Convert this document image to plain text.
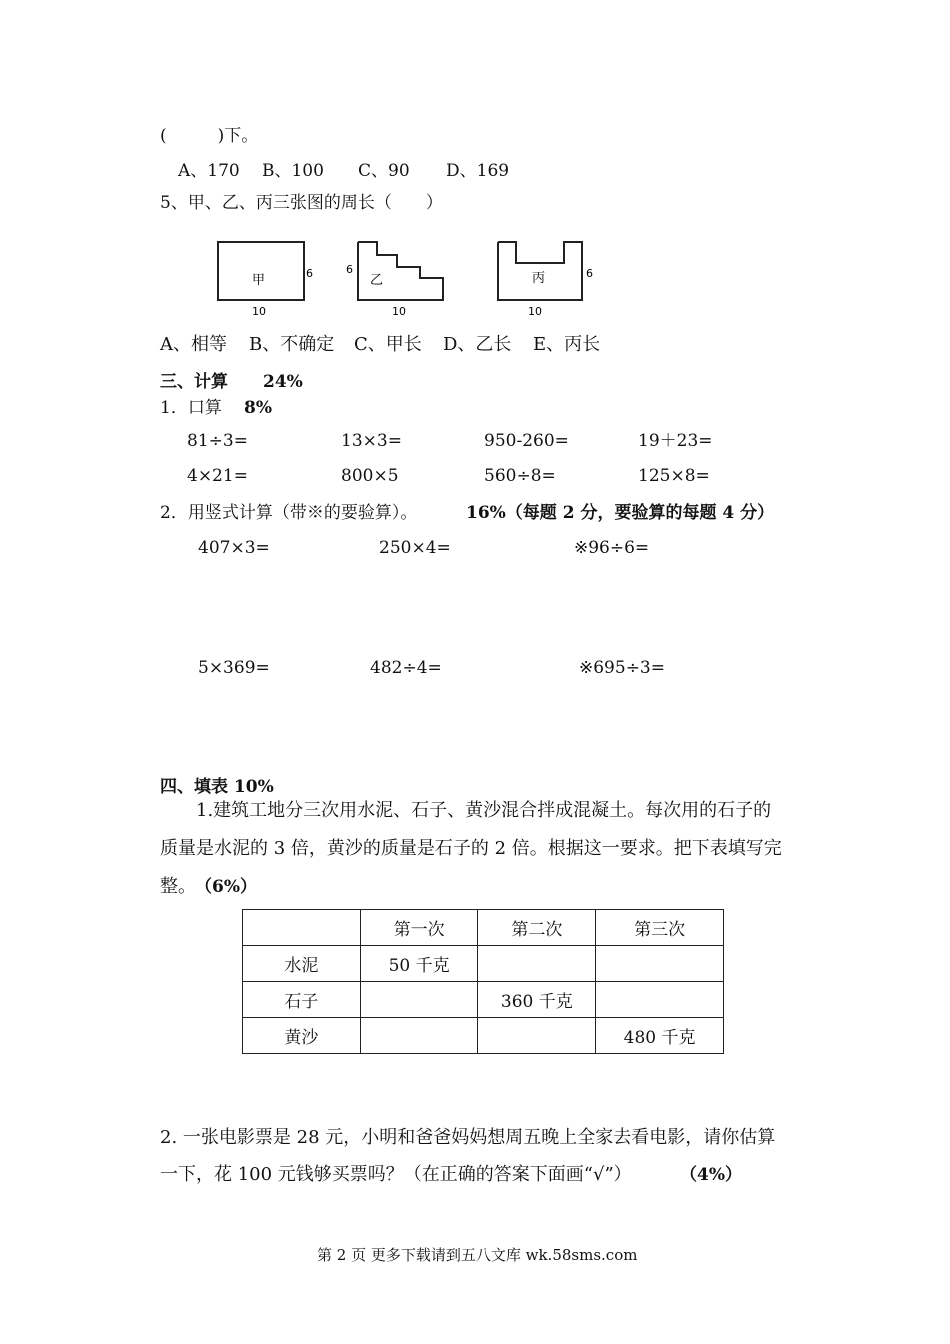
(　　　)下。
A、170 B、100 C、90 D、169
5、甲、乙、丙三张图的周长（　　）
甲	6
10
乙
6
10
丙	6
10
A、相等 B、不确定 C、甲长 D、乙长 E、丙长
三、计算 24%
1．口算 8%
81÷3=	13×3=	950-260=	19＋23=
4×21=	800×5	560÷8=	125×8=
2．用竖式计算（带※的要验算）。	16%（每题 2 分，要验算的每题 4 分）
407×3=	250×4=	※96÷6=
5×369=	482÷4=	※695÷3=
四、填表 10%
1.建筑工地分三次用水泥、石子、黄沙混合拌成混凝土。每次用的石子的
质量是水泥的 3 倍，黄沙的质量是石子的 2 倍。根据这一要求。把下表填写完
整。 （6%）
	第一次	第二次	第三次
水泥	50 千克		
石子		360 千克	
黄沙			480 千克
2. 一张电影票是 28 元，小明和爸爸妈妈想周五晚上全家去看电影，请你估算
一下，花 100 元钱够买票吗？（在正确的答案下面画“√”）	（4%）
第 2 页 更多下载请到五八文库 wk.58sms.com
